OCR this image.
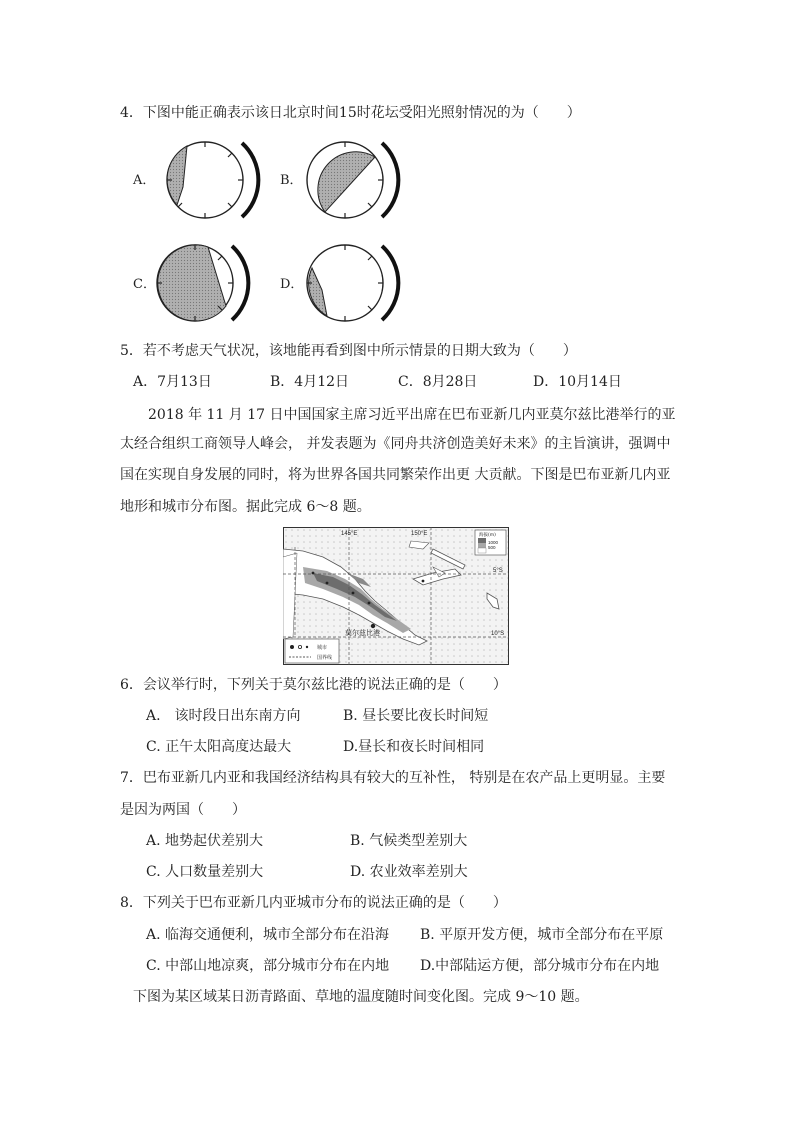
4．下图中能正确表示该日北京时间15时花坛受阳光照射情况的为（　　）
A．	B．
C．	D．
5．若不考虑天气状况，该地能再看到图中所示情景的日期大致为（　　）
A．7月13日	B．4月12日	C．8月28日	D．10月14日
2018 年 11 月 17 日中国国家主席习近平出席在巴布亚新几内亚莫尔兹比港举行的亚
太经合组织工商领导人峰会， 并发表题为《同舟共济创造美好未来》的主旨演讲，强调中
国在实现自身发展的同时，将为世界各国共同繁荣作出更 大贡献。下图是巴布亚新几内亚
地形和城市分布图。据此完成 6～8 题。
145°E	150°E
5°S
10°S
莫尔兹比港
海拔(m)
1000
500
城市
国界线
6．会议举行时，下列关于莫尔兹比港的说法正确的是（　　）
A.　该时段日出东南方向	B. 昼长要比夜长时间短
C. 正午太阳高度达最大	D.昼长和夜长时间相同
7．巴布亚新几内亚和我国经济结构具有较大的互补性， 特别是在农产品上更明显。主要
是因为两国（　　）
A. 地势起伏差别大	B. 气候类型差别大
C. 人口数量差别大	D. 农业效率差别大
8．下列关于巴布亚新几内亚城市分布的说法正确的是（　　）
A. 临海交通便利，城市全部分布在沿海 B. 平原开发方便，城市全部分布在平原
C. 中部山地凉爽，部分城市分布在内地 D.中部陆运方便，部分城市分布在内地
下图为某区域某日沥青路面、草地的温度随时间变化图。完成 9～10 题。
